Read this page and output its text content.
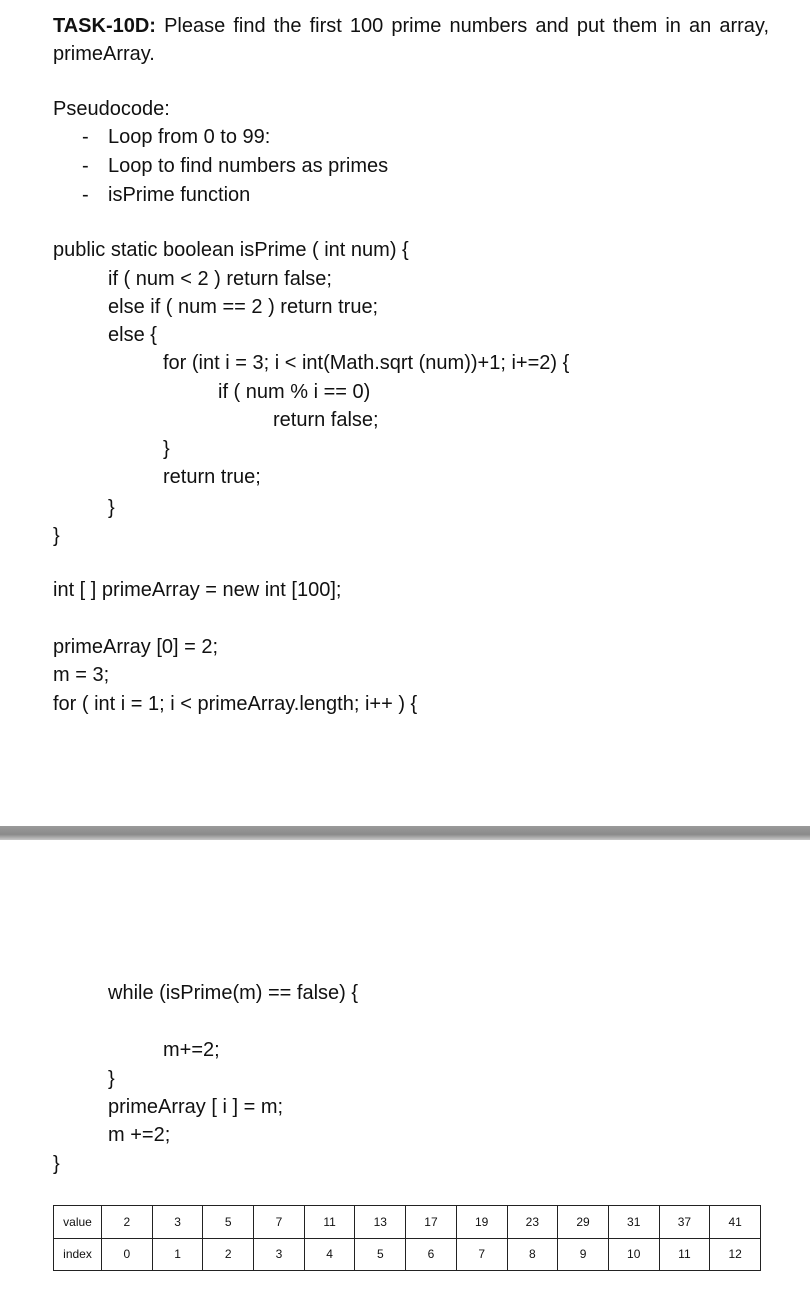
TASK-10D: Please find the first 100 prime numbers and put them in an array, primeArray.
Pseudocode:
- Loop from 0 to 99:
- Loop to find numbers as primes
- isPrime function
public static boolean isPrime ( int num) {
if ( num < 2 ) return false;
else if ( num == 2 ) return true;
else {
for (int i = 3; i < int(Math.sqrt (num))+1; i+=2) {
if ( num % i == 0)
return false;
}
return true;
}
}
int [ ] primeArray = new int [100];
primeArray [0] = 2;
m = 3;
for ( int i = 1; i < primeArray.length; i++ ) {
while (isPrime(m) == false) {
m+=2;
}
primeArray [ i ] = m;
m +=2;
}
value	2	3	5	7	11	13	17	19	23	29	31	37	41
index	0	1	2	3	4	5	6	7	8	9	10	11	12
